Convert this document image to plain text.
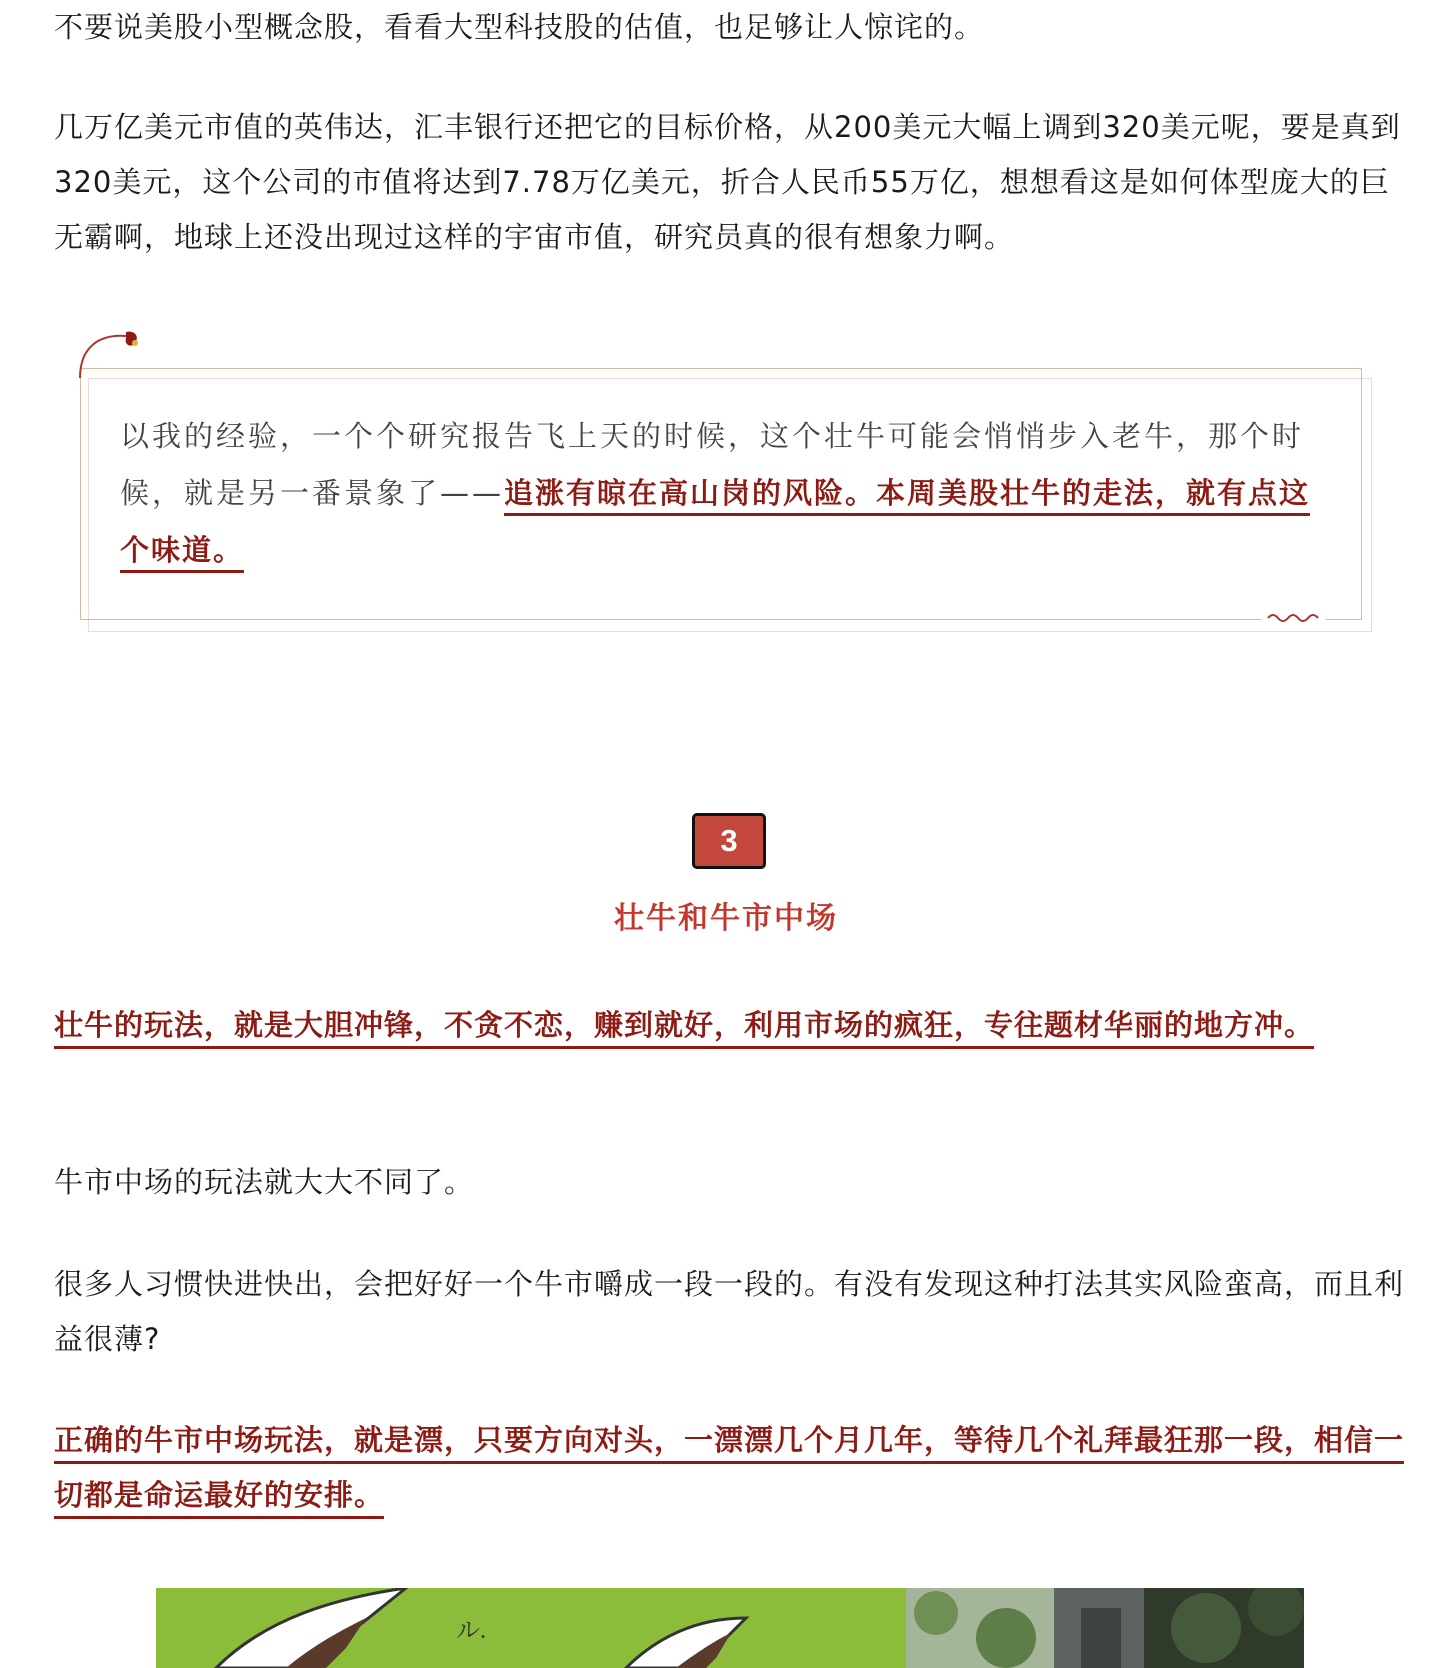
不要说美股小型概念股，看看大型科技股的估值，也足够让人惊诧的。

几万亿美元市值的英伟达，汇丰银行还把它的目标价格，从200美元大幅上调到320美元呢，要是真到320美元，这个公司的市值将达到7.78万亿美元，折合人民币55万亿，想想看这是如何体型庞大的巨无霸啊，地球上还没出现过这样的宇宙市值，研究员真的很有想象力啊。

以我的经验，一个个研究报告飞上天的时候，这个壮牛可能会悄悄步入老牛，那个时候，就是另一番景象了——追涨有晾在高山岗的风险。本周美股壮牛的走法，就有点这个味道。

3
壮牛和牛市中场

壮牛的玩法，就是大胆冲锋，不贪不恋，赚到就好，利用市场的疯狂，专往题材华丽的地方冲。

牛市中场的玩法就大大不同了。

很多人习惯快进快出，会把好好一个牛市嚼成一段一段的。有没有发现这种打法其实风险蛮高，而且利益很薄?

正确的牛市中场玩法，就是漂，只要方向对头，一漂漂几个月几年，等待几个礼拜最狂那一段，相信一切都是命运最好的安排。

ル.
